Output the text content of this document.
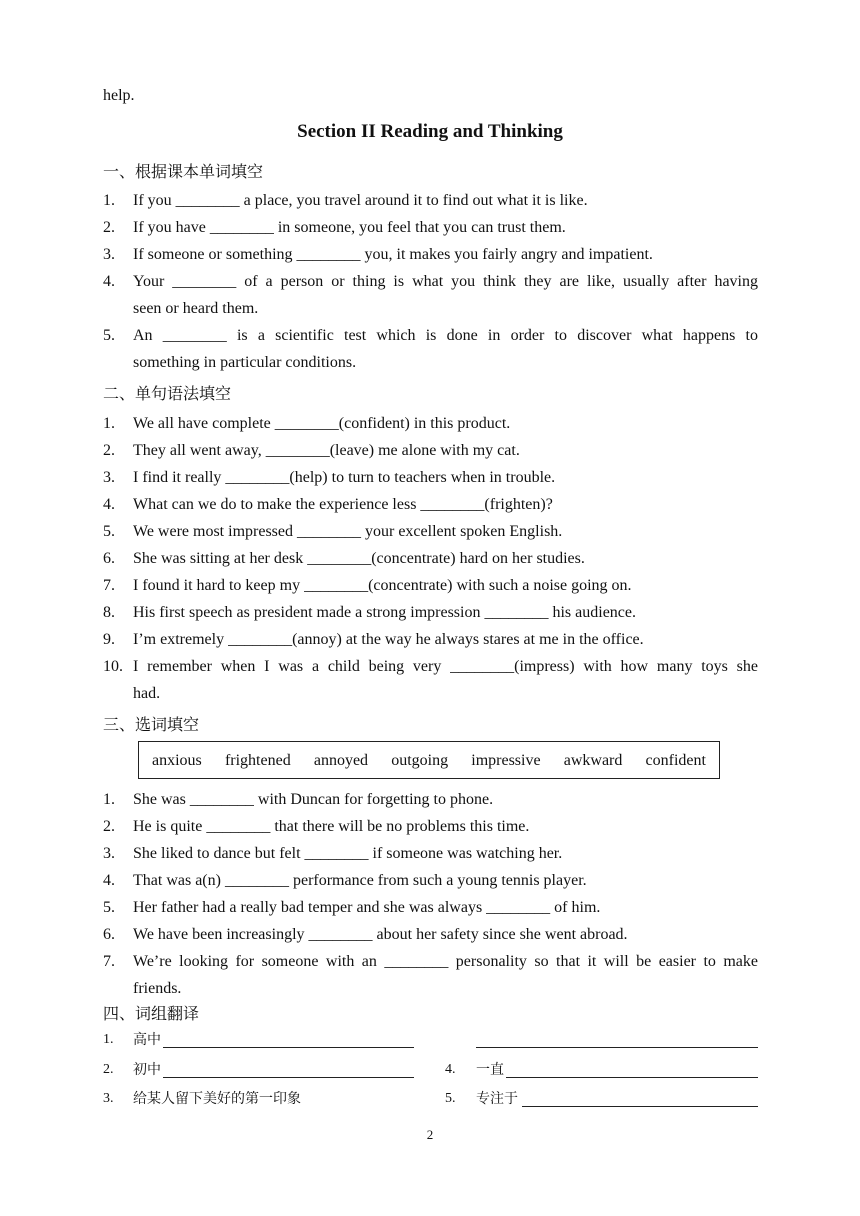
help.
Section II Reading and Thinking
一、根据课本单词填空
1. If you ________ a place, you travel around it to find out what it is like.
2. If you have ________ in someone, you feel that you can trust them.
3. If someone or something ________ you, it makes you fairly angry and impatient.
4. Your ________ of a person or thing is what you think they are like, usually after having
seen or heard them.
5. An ________ is a scientific test which is done in order to discover what happens to
something in particular conditions.
二、单句语法填空
1. We all have complete ________(confident) in this product.
2. They all went away, ________(leave) me alone with my cat.
3. I find it really ________(help) to turn to teachers when in trouble.
4. What can we do to make the experience less ________(frighten)?
5. We were most impressed ________ your excellent spoken English.
6. She was sitting at her desk ________(concentrate) hard on her studies.
7. I found it hard to keep my ________(concentrate) with such a noise going on.
8. His first speech as president made a strong impression ________ his audience.
9. I’m extremely ________(annoy) at the way he always stares at me in the office.
10. I remember when I was a child being very ________(impress) with how many toys she
had.
三、选词填空
anxious frightened annoyed outgoing impressive awkward confident
1. She was ________ with Duncan for forgetting to phone.
2. He is quite ________ that there will be no problems this time.
3. She liked to dance but felt ________ if someone was watching her.
4. That was a(n) ________ performance from such a young tennis player.
5. Her father had a really bad temper and she was always ________ of him.
6. We have been increasingly ________ about her safety since she went abroad.
7. We’re looking for someone with an ________ personality so that it will be easier to make
friends.
四、词组翻译
1. 高中
2. 初中	4. 一直
3. 给某人留下美好的第一印象	5. 专注于
2
